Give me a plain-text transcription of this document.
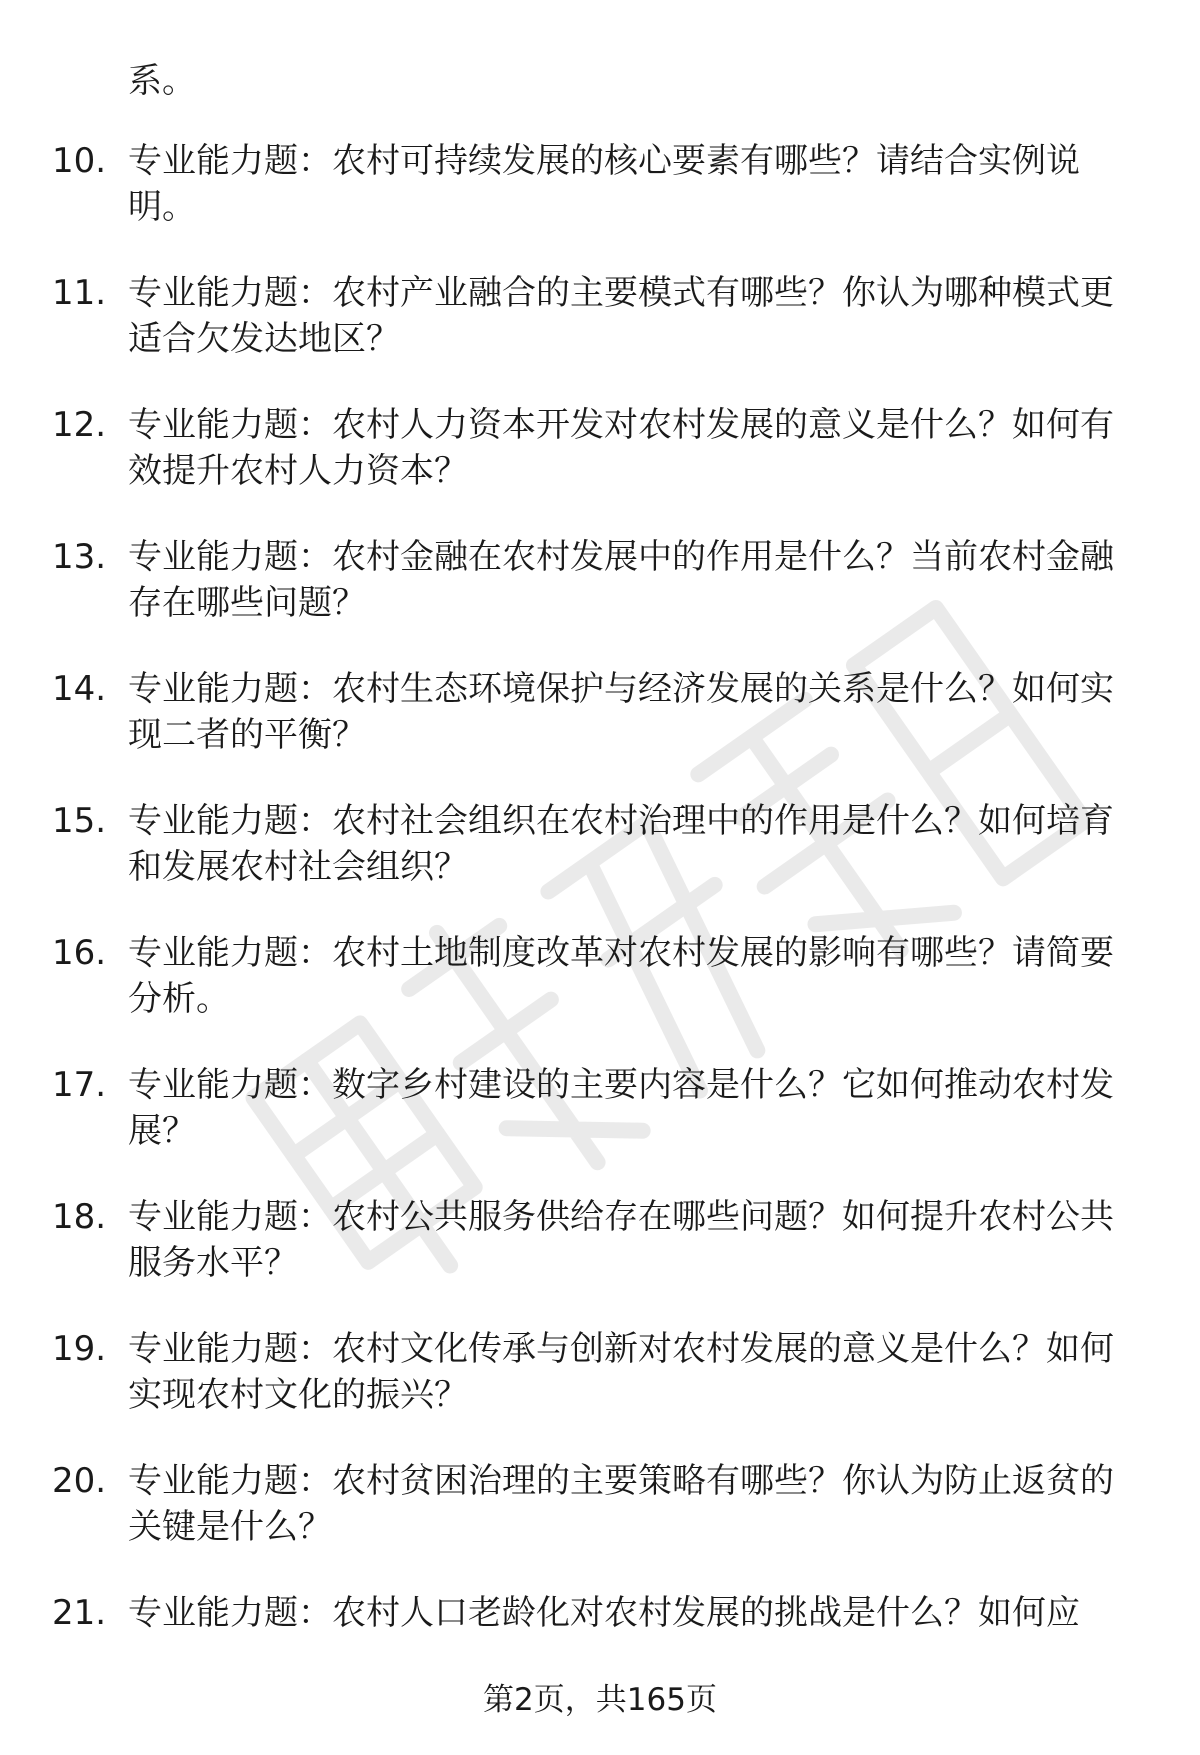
系。
10. 专业能力题：农村可持续发展的核心要素有哪些？请结合实例说明。
11. 专业能力题：农村产业融合的主要模式有哪些？你认为哪种模式更适合欠发达地区？
12. 专业能力题：农村人力资本开发对农村发展的意义是什么？如何有效提升农村人力资本？
13. 专业能力题：农村金融在农村发展中的作用是什么？当前农村金融存在哪些问题？
14. 专业能力题：农村生态环境保护与经济发展的关系是什么？如何实现二者的平衡？
15. 专业能力题：农村社会组织在农村治理中的作用是什么？如何培育和发展农村社会组织？
16. 专业能力题：农村土地制度改革对农村发展的影响有哪些？请简要分析。
17. 专业能力题：数字乡村建设的主要内容是什么？它如何推动农村发展？
18. 专业能力题：农村公共服务供给存在哪些问题？如何提升农村公共服务水平？
19. 专业能力题：农村文化传承与创新对农村发展的意义是什么？如何实现农村文化的振兴？
20. 专业能力题：农村贫困治理的主要策略有哪些？你认为防止返贫的关键是什么？
21. 专业能力题：农村人口老龄化对农村发展的挑战是什么？如何应
第2页，共165页
